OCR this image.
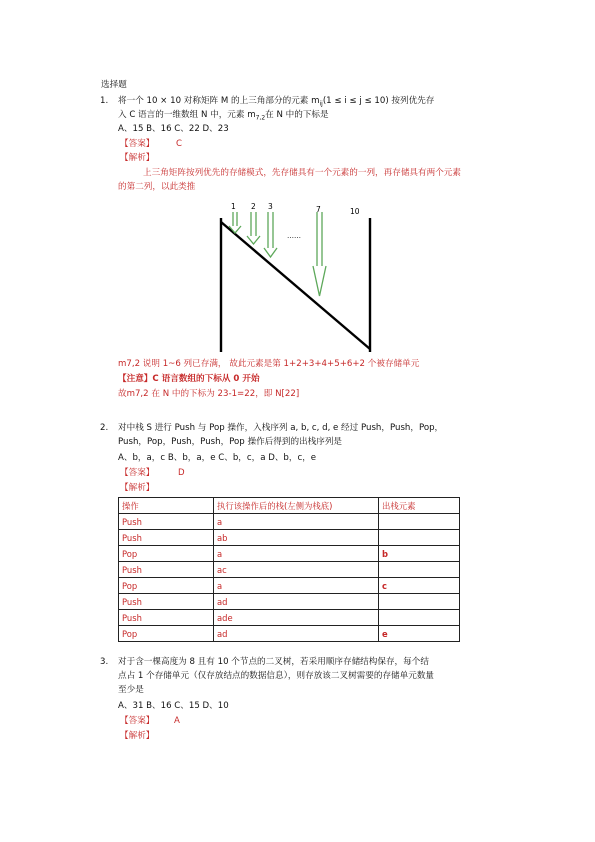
选择题
1. 将一个 10 × 10 对称矩阵 M 的上三角部分的元素 $m_{ij}(1 \le i \le j \le 10)$ 按列优先存
入 C 语言的一维数组 N 中，元素 $m_{7,2}$在 N 中的下标是
A、15 B、16 C、22 D、23
【答案】	C
【解析】
上三角矩阵按列优先的存储模式，先存储具有一个元素的一列，再存储具有两个元素
的第二列，以此类推
1 2 3	7	10
……
m7,2 说明 1~6 列已存满， 故此元素是第 1+2+3+4+5+6+2 个被存储单元
【注意】C 语言数组的下标从 0 开始
故m7,2 在 N 中的下标为 23-1=22，即 N[22]
2. 对中栈 S 进行 Push 与 Pop 操作，入栈序列 a, b, c, d, e 经过 Push，Push，Pop，
Push，Pop，Push，Push，Pop 操作后得到的出栈序列是
A、b，a，c B、b，a，e C、b，c，a D、b，c，e
【答案】	D
【解析】
操作	执行该操作后的栈(左侧为栈底)	出栈元素
Push	a	
Push	ab	
Pop	a	b
Push	ac	
Pop	a	c
Push	ad	
Push	ade	
Pop	ad	e
3. 对于含一棵高度为 8 且有 10 个节点的二叉树，若采用顺序存储结构保存，每个结
点占 1 个存储单元（仅存放结点的数据信息），则存放该二叉树需要的存储单元数量
至少是
A、31 B、16 C、15 D、10
【答案】 A
【解析】
